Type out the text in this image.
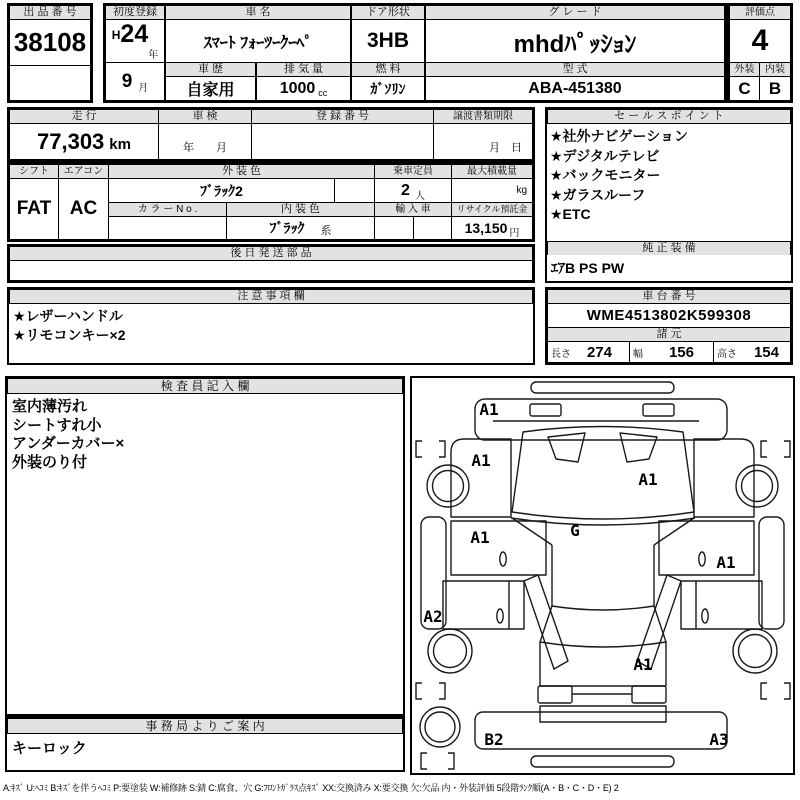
出 品 番 号
38108
初度登録
H 24
年
9 月
車 名
ｽﾏｰﾄ ﾌｫｰﾂｰｸｰﾍﾟ
車 歴
自家用
排 気 量
1000 cc
ドア形状
3HB
燃 料
ｶﾞｿﾘﾝ
グ レ ー ド
mhdﾊﾟｯｼｮﾝ
型 式
ABA-451380
評価点
4
外装	内装
C	B
走 行
77,303 km
車 検
年　　月
登 録 番 号	譲渡書類期限
月　日
シフト
FAT
エアコン
AC
外 装 色
ﾌﾞﾗｯｸ2
乗車定員
2 人
最大積載量
kg
カ ラ ー N o .	内 装 色
ﾌﾞﾗｯｸ 系
輸 入 車	リサイクル預託金
13,150 円
後 日 発 送 部 品
注 意 事 項 欄
★レザーハンドル
★リモコンキー×2
セ ー ル ス ポ イ ン ト
★社外ナビゲーション
★デジタルテレビ
★バックモニター
★ガラスルーフ
★ETC
純 正 装 備
ｴｱB PS PW
車 台 番 号
WME4513802K599308
諸 元
長さ 274 幅 156 高さ 154
検 査 員 記 入 欄
室内薄汚れ
シートすれ小
アンダーカバー×
外装のり付
事 務 局 よ り ご 案 内
キーロック
A1
A1
A1
A1	G
A1
A2
A1
B2	A3
A:ｷｽﾞ U:ﾍｺﾐ B:ｷｽﾞを伴うﾍｺﾐ P:要塗装 W:補修跡 S:錆 C:腐食、穴 G:ﾌﾛﾝﾄｶﾞﾗｽ点ｷｽﾞ XX:交換済み X:要交換 欠:欠品 内・外装評価 5段階ﾗﾝｸ順(A・B・C・D・E) 2
